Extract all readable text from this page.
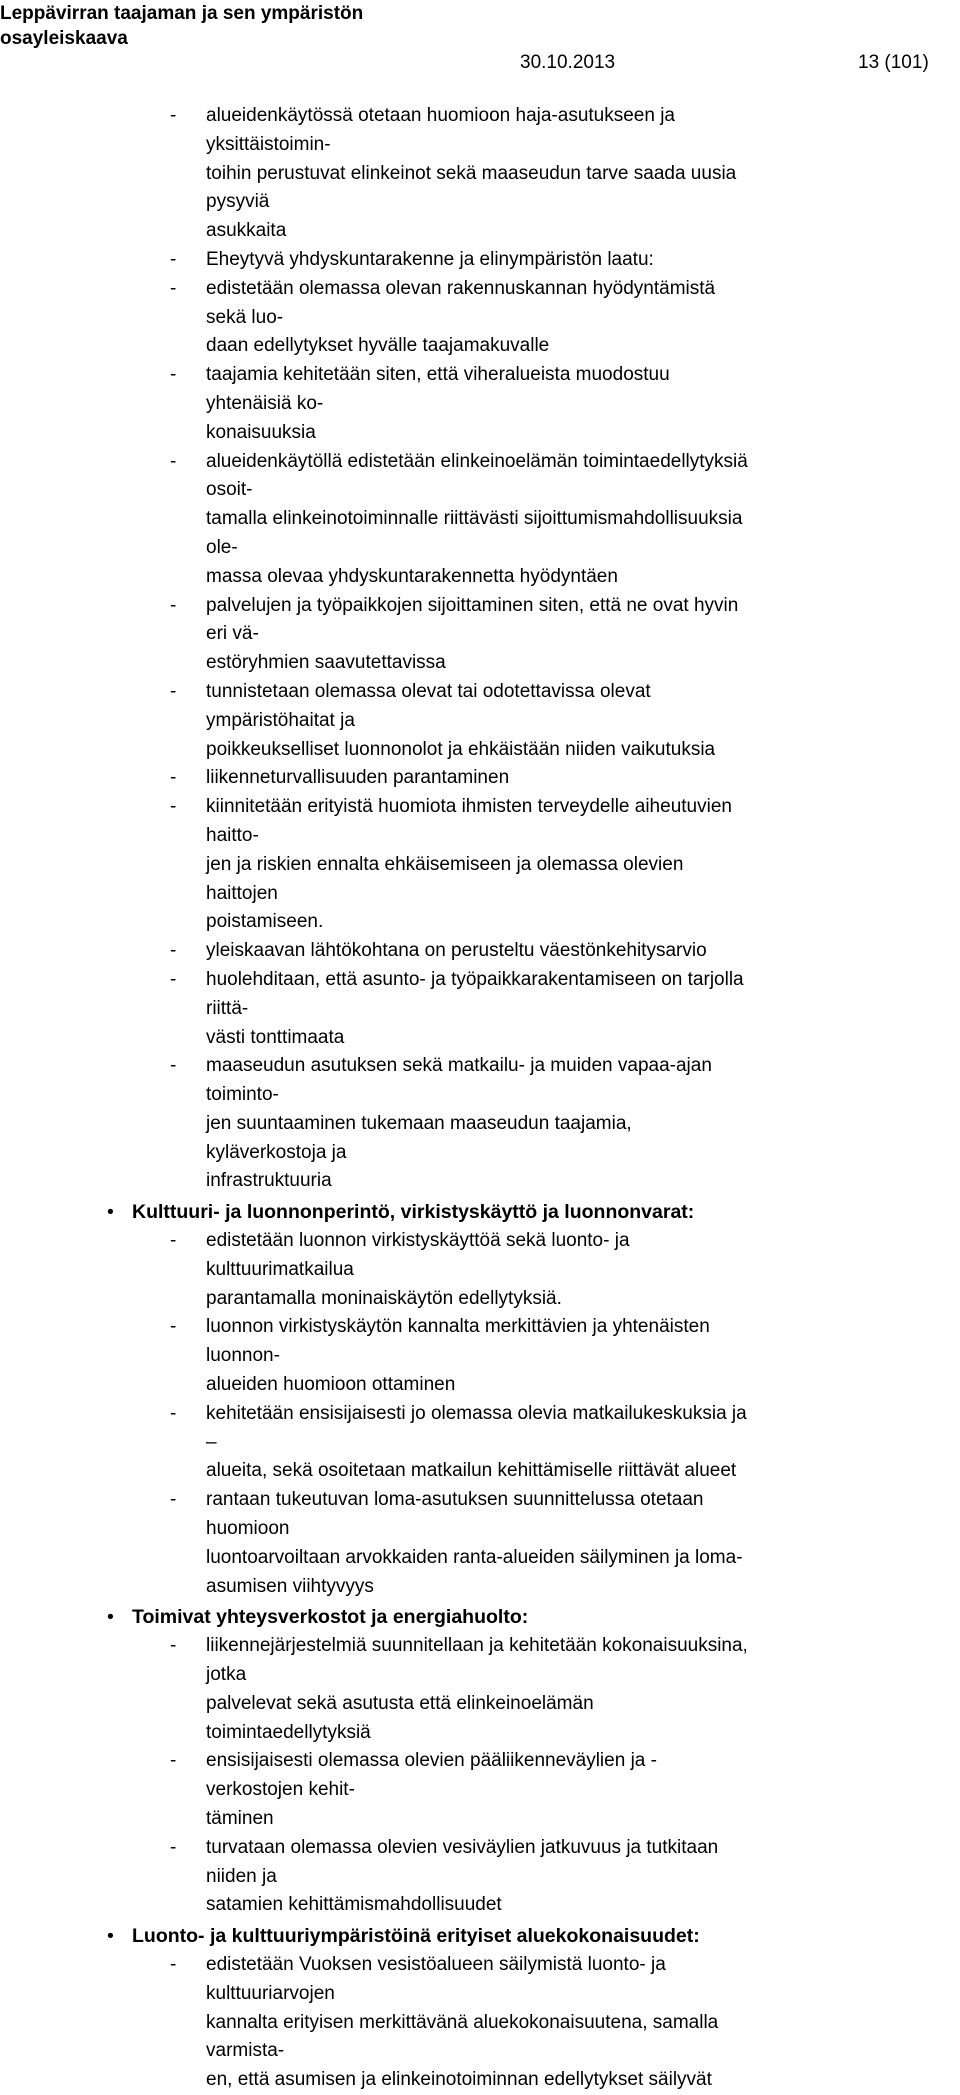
Leppävirran taajaman ja sen ympäristön
osayleiskaava
30.10.2013	13 (101)
- alueidenkäytössä otetaan huomioon haja-asutukseen ja yksittäistoimin-
toihin perustuvat elinkeinot sekä maaseudun tarve saada uusia pysyviä
asukkaita
- Eheytyvä yhdyskuntarakenne ja elinympäristön laatu:
- edistetään olemassa olevan rakennuskannan hyödyntämistä sekä luo-
daan edellytykset hyvälle taajamakuvalle
- taajamia kehitetään siten, että viheralueista muodostuu yhtenäisiä ko-
konaisuuksia
- alueidenkäytöllä edistetään elinkeinoelämän toimintaedellytyksiä osoit-
tamalla elinkeinotoiminnalle riittävästi sijoittumismahdollisuuksia ole-
massa olevaa yhdyskuntarakennetta hyödyntäen
- palvelujen ja työpaikkojen sijoittaminen siten, että ne ovat hyvin eri vä-
estöryhmien saavutettavissa
- tunnistetaan olemassa olevat tai odotettavissa olevat ympäristöhaitat ja
poikkeukselliset luonnonolot ja ehkäistään niiden vaikutuksia
- liikenneturvallisuuden parantaminen
- kiinnitetään erityistä huomiota ihmisten terveydelle aiheutuvien haitto-
jen ja riskien ennalta ehkäisemiseen ja olemassa olevien haittojen
poistamiseen.
- yleiskaavan lähtökohtana on perusteltu väestönkehitysarvio
- huolehditaan, että asunto- ja työpaikkarakentamiseen on tarjolla riittä-
västi tonttimaata
- maaseudun asutuksen sekä matkailu- ja muiden vapaa-ajan toiminto-
jen suuntaaminen tukemaan maaseudun taajamia, kyläverkostoja ja
infrastruktuuria
• Kulttuuri- ja luonnonperintö, virkistyskäyttö ja luonnonvarat:
- edistetään luonnon virkistyskäyttöä sekä luonto- ja kulttuurimatkailua
parantamalla moninaiskäytön edellytyksiä.
- luonnon virkistyskäytön kannalta merkittävien ja yhtenäisten luonnon-
alueiden huomioon ottaminen
- kehitetään ensisijaisesti jo olemassa olevia matkailukeskuksia ja –
alueita, sekä osoitetaan matkailun kehittämiselle riittävät alueet
- rantaan tukeutuvan loma-asutuksen suunnittelussa otetaan huomioon
luontoarvoiltaan arvokkaiden ranta-alueiden säilyminen ja loma-
asumisen viihtyvyys
• Toimivat yhteysverkostot ja energiahuolto:
- liikennejärjestelmiä suunnitellaan ja kehitetään kokonaisuuksina, jotka
palvelevat sekä asutusta että elinkeinoelämän toimintaedellytyksiä
- ensisijaisesti olemassa olevien pääliikenneväylien ja -verkostojen kehit-
täminen
- turvataan olemassa olevien vesiväylien jatkuvuus ja tutkitaan niiden ja
satamien kehittämismahdollisuudet
• Luonto- ja kulttuuriympäristöinä erityiset aluekokonaisuudet:
- edistetään Vuoksen vesistöalueen säilymistä luonto- ja kulttuuriarvojen
kannalta erityisen merkittävänä aluekokonaisuutena, samalla varmista-
en, että asumisen ja elinkeinotoiminnan edellytykset säilyvät
